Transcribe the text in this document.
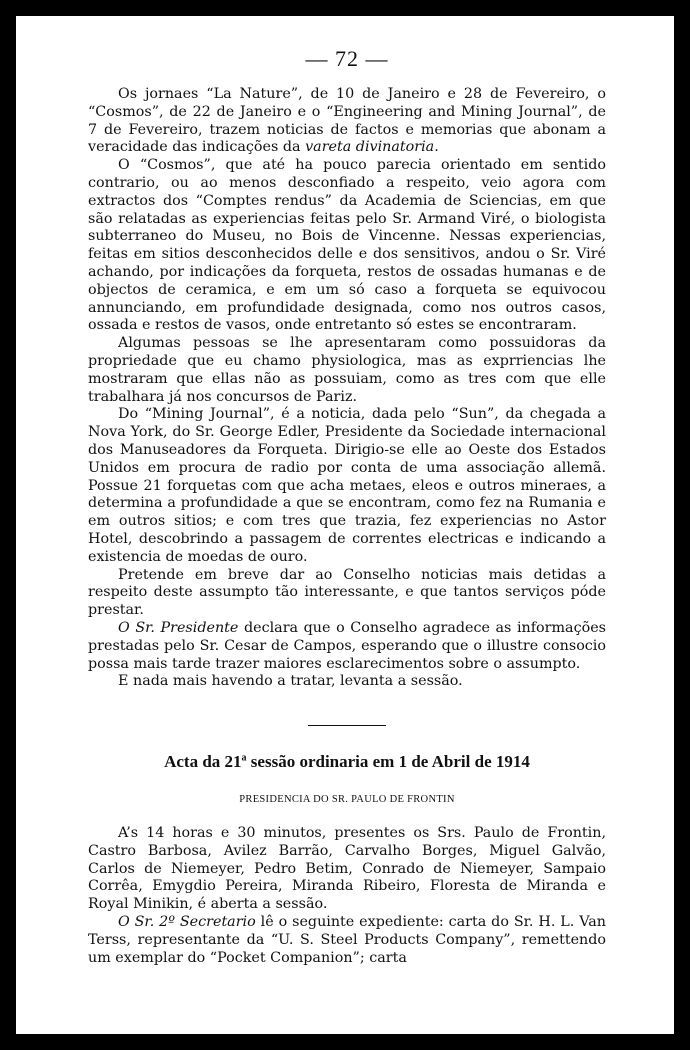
— 72 —

Os jornaes “La Nature”, de 10 de Janeiro e 28 de Fevereiro, o “Cosmos”, de 22 de Janeiro e o “Engineering and Mining Journal”, de 7 de Fevereiro, trazem noticias de factos e memorias que abonam a veracidade das indicações da vareta divinatoria.

O “Cosmos”, que até ha pouco parecia orientado em sentido contrario, ou ao menos desconfiado a respeito, veio agora com extractos dos “Comptes rendus” da Academia de Sciencias, em que são relatadas as experiencias feitas pelo Sr. Armand Viré, o biologista subterraneo do Museu, no Bois de Vincenne. Nessas experiencias, feitas em sitios desconhecidos delle e dos sensitivos, andou o Sr. Viré achando, por indicações da forqueta, restos de ossadas humanas e de objectos de ceramica, e em um só caso a forqueta se equivocou annunciando, em profundidade designada, como nos outros casos, ossada e restos de vasos, onde entretanto só estes se encontraram.

Algumas pessoas se lhe apresentaram como possuidoras da propriedade que eu chamo physiologica, mas as exprriencias lhe mostraram que ellas não as possuiam, como as tres com que elle trabalhara já nos concursos de Pariz.

Do “Mining Journal”, é a noticia, dada pelo “Sun”, da chegada a Nova York, do Sr. George Edler, Presidente da Sociedade internacional dos Manuseadores da Forqueta. Dirigio-se elle ao Oeste dos Estados Unidos em procura de radio por conta de uma associação allemã. Possue 21 forquetas com que acha metaes, eleos e outros mineraes, a determina a profundidade a que se encontram, como fez na Rumania e em outros sitios; e com tres que trazia, fez experiencias no Astor Hotel, descobrindo a passagem de correntes electricas e indicando a existencia de moedas de ouro.

Pretende em breve dar ao Conselho noticias mais detidas a respeito deste assumpto tão interessante, e que tantos serviços póde prestar.

O Sr. Presidente declara que o Conselho agradece as informações prestadas pelo Sr. Cesar de Campos, esperando que o illustre consocio possa mais tarde trazer maiores esclarecimentos sobre o assumpto.

E nada mais havendo a tratar, levanta a sessão.

Acta da 21$^a$ sessão ordinaria em 1 de Abril de 1914
PRESIDENCIA DO SR. PAULO DE FRONTIN

A’s 14 horas e 30 minutos, presentes os Srs. Paulo de Frontin, Castro Barbosa, Avilez Barrão, Carvalho Borges, Miguel Galvão, Carlos de Niemeyer, Pedro Betim, Conrado de Niemeyer, Sampaio Corrêa, Emygdio Pereira, Miranda Ribeiro, Floresta de Miranda e Royal Minikin, é aberta a sessão.

O Sr. 2º Secretario lê o seguinte expediente: carta do Sr. H. L. Van Terss, representante da “U. S. Steel Products Company”, remettendo um exemplar do “Pocket Companion”; carta
